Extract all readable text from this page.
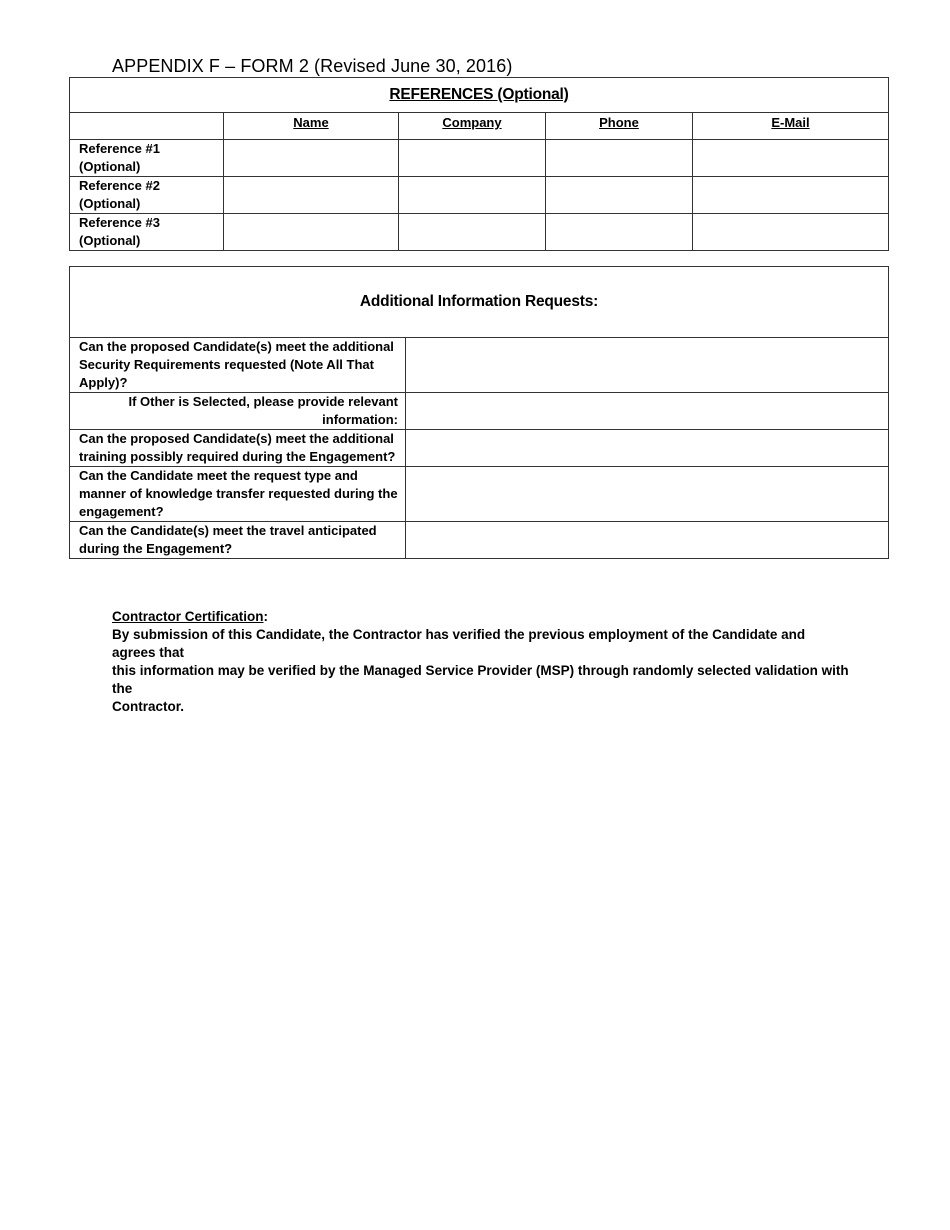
APPENDIX F – FORM 2 (Revised June 30, 2016)
REFERENCES (Optional)				
	Name	Company	Phone	E-Mail

Reference #1
(Optional)				

Reference #2
(Optional)				

Reference #3
(Optional)				

Additional Information Requests:	

Can the proposed Candidate(s) meet the additional
Security Requirements requested (Note All That
Apply)?	

If Other is Selected, please provide relevant
information:	

Can the proposed Candidate(s) meet the additional
training possibly required during the Engagement?	

Can the Candidate meet the request type and
manner of knowledge transfer requested during the
engagement?	

Can the Candidate(s) meet the travel anticipated
during the Engagement?	

Contractor Certification:
By submission of this Candidate, the Contractor has verified the previous employment of the Candidate and agrees that
this information may be verified by the Managed Service Provider (MSP) through randomly selected validation with the
Contractor.
